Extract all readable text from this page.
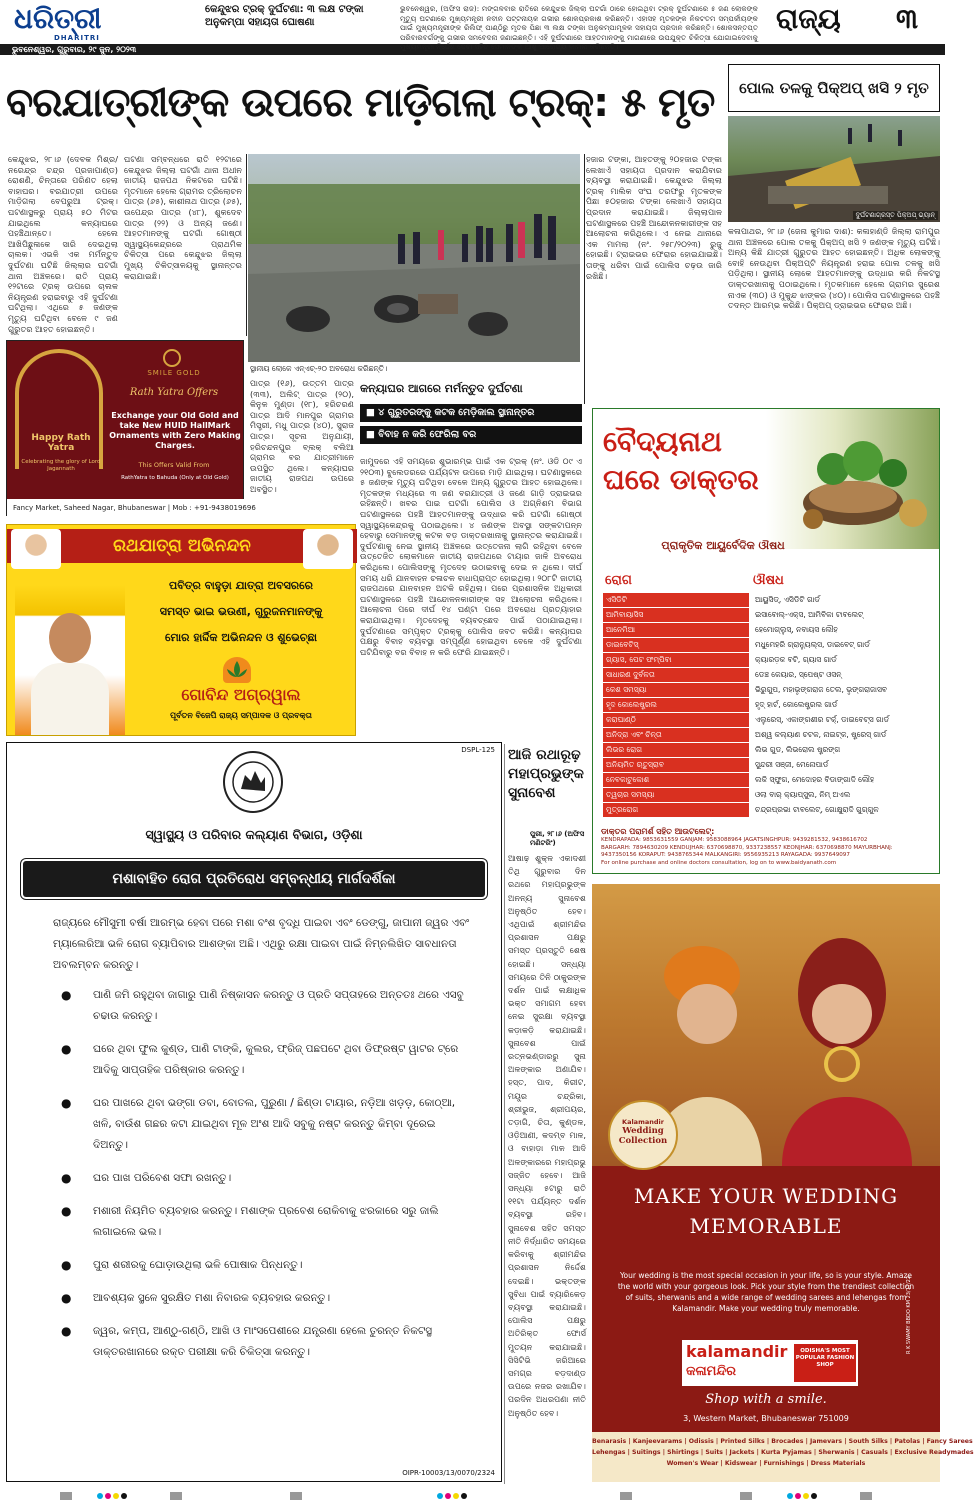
ଧରିତ୍ରୀ
DHARITRI
ଭୁବନେଶ୍ୱର, ଗୁରୁବାର, ୨୯ ଜୁନ, ୨୦୨୩
କେନ୍ଦୁଝର ଟ୍ରକ୍ ଦୁର୍ଘଟଣା: ୩ ଲକ୍ଷ ଟଙ୍କା ଅନୁକମ୍ପା ସହାୟତା ଘୋଷଣା
ଭୁବନେଶ୍ୱର, (ଅଫିସ ରାଜ): ମଙ୍ଗଳବାର ରାତିରେ କେନ୍ଦୁଝର ଜିଲ୍ଲା ଘଟଗାଁ ଠାରେ ହୋଇଥିବା ଟ୍ରକ୍ ଦୁର୍ଘଟଣାରେ ୫ ଜଣ ଲୋକଙ୍କ ମୃତ୍ୟୁ ଘଟଣାରେ ମୁଖ୍ୟମନ୍ତ୍ରୀ ନବୀନ ପଟ୍ଟନାୟକ ଗଭୀର ଶୋକପ୍ରକାଶ କରିଛନ୍ତି। ଏହାସହ ମୃତକଙ୍କ ନିକଟତମ ସମ୍ପର୍କୀୟଙ୍କ ପାଇଁ ମୁଖ୍ୟମନ୍ତ୍ରୀଙ୍କ ରିଲିଫ୍ ପାଣ୍ଠିରୁ ମୃତକ ପିଛା ୩ ଲକ୍ଷ ଟଙ୍କା ଅନୁକମ୍ପାମୂଳକ ସହାୟତା ପ୍ରଦାନ କରିଛନ୍ତି। ଶୋକସନ୍ତପ୍ତ ପରିବାରବର୍ଗଙ୍କୁ ଗଭୀର ସମବେଦନା ଜଣାଇଛନ୍ତି। ଏହି ଦୁର୍ଘଟଣାରେ ଆହତମାନଙ୍କୁ ମାଗଣାରେ ଉପଯୁକ୍ତ ଚିକିତ୍ସା ଯୋଗାଇଦେବାକୁ ମୁଖ୍ୟମନ୍ତ୍ରୀ ନିର୍ଦ୍ଦେଶ ଦେବା ସହିତ ସେମାନଙ୍କ ଆଶୁ ଆରୋଗ୍ୟ କାମନା କରିଛନ୍ତି।
ରାଜ୍ୟ ୩
ବରଯାତ୍ରୀଙ୍କ ଉପରେ ମାଡ଼ିଗଲା ଟ୍ରକ୍: ୫ ମୃତ	ପୋଲ ତଳକୁ ପିକ୍‌ଅପ୍ ଖସି ୨ ମୃତ
କେନ୍ଦୁଝର, ୨୮।୬ (ଦେବକ ମିଶ୍ର/ନରେନ୍ଦ୍ର ଚନ୍ଦ୍ର ପ୍ରଜାପାଣ୍ଡ) ରୋଶଣି, ଚିନ୍ତାରେ ପରିଣତ ହେଲା ବାହାଘର। ବରଯାତ୍ରୀ ଉପରେ ମାଡ଼ିଗଲା ବେପରୁଆ ଟ୍ରକ୍। ଘଟଣାସ୍ଥଳରୁ ପ୍ରାୟ ୫୦ ମିଟର ଯାଇଥିଲେ କନ୍ୟାଘରେ ପହଞ୍ଚିଥାନ୍ତେ। ହେଲେ ଆଖିପିଛୁଳାକେ ସାରି ଦେଇଥିଲା ଚାଲକ। ଏଭଳି ଏକ ମର୍ମନ୍ତୁଦ ଦୁର୍ଘଟଣା ଘଟିଛି ଜିଲ୍ଲାର ଘଟଗାଁ ଥାନା ଅଞ୍ଚଳରେ। ରାତି ପ୍ରାୟ ୧୨ଟାରେ ଟ୍ରକ୍ ଉପରେ ଚାଲକ ନିୟନ୍ତ୍ରଣ ହରାଇବାରୁ ଏହି ଦୁର୍ଘଟଣା ଘଟିଥିଲା। ଏଥିରେ ୫ ଜଣଙ୍କ ମୃତ୍ୟୁ ଘଟିଥିବା ବେଳେ ୯ ଜଣ ଗୁରୁତର ଆହତ ହୋଇଛନ୍ତି।
ଘଟଣା ସମ୍ବନ୍ଧରେ ରାତି ୧୨ଟାରେ କେନ୍ଦୁଝର ଜିଲ୍ଲା ଘଟଗାଁ ଥାନା ଅଧୀନ ଜାତୀୟ ରାଜପଥ ନିକଟରେ ଘଟିଛି। ମୃତମାନେ ହେଲେ ଗ୍ରାମର ତ୍ରିଲୋଚନ ପାତ୍ର (୬୫), କାଶୀନାଥ ପାତ୍ର (୬୫), ଉପେନ୍ଦ୍ର ପାତ୍ର (୪୮), ଶୁକଦେବ ପାତ୍ର (୨୨) ଓ ଅନ୍ୟ ଜଣେ। ଆହତମାନଙ୍କୁ ଘଟଗାଁ ଗୋଷ୍ଠୀ ସ୍ୱାସ୍ଥ୍ୟକେନ୍ଦ୍ରରେ ପ୍ରାଥମିକ ଚିକିତ୍ସା ପରେ କେନ୍ଦୁଝର ଜିଲ୍ଲା ମୁଖ୍ୟ ଚିକିତ୍ସାଳୟକୁ ସ୍ଥାନାନ୍ତର କରାଯାଇଛି।
ସ୍ଥାନୀୟ ଲୋକେ ଏନ୍‌ଏଚ୍-୨୦ ଅବରୋଧ କରିଛନ୍ତି।
ହଜାର ଟଙ୍କା, ଆହତଙ୍କୁ ୨୦ହଜାର ଟଙ୍କା ଲେଖାଏଁ ସହାୟତା ପ୍ରଦାନ କରାଯିବାର ବ୍ୟବସ୍ଥା କରାଯାଇଛି। କେନ୍ଦୁଝର ଜିଲ୍ଲା ଟ୍ରକ୍ ମାଲିକ ସଂଘ ତରଫରୁ ମୃତକଙ୍କ ପିଛା ୫୦ହଜାର ଟଙ୍କା ଲେଖାଏଁ ସହାୟତା ପ୍ରଦାନ କରାଯାଇଛି। ଜିଲ୍ଲାପାଳ ଘଟଣାସ୍ଥଳରେ ପହଞ୍ଚି ଆନ୍ଦୋଳନକାରୀଙ୍କ ସହ ଆଲୋଚନା କରିଥିଲେ। ଏ ନେଇ ଥାନାରେ ଏକ ମାମଲା (ନଂ. ୨୫୮/୨୦୨୩) ରୁଜୁ ହୋଇଛି। ଟ୍ରାଇଭର ଫେରାର ହୋଇଯାଇଛି। ତାଙ୍କୁ ଧରିବା ପାଇଁ ପୋଲିସ ଚଢ଼ଉ ଜାରି ରଖିଛି।
ଦୁର୍ଘଟଣାଗ୍ରସ୍ତ ପିକ୍‌ଅପ୍ ଭ୍ୟାନ୍
କଳାପାଥର, ୨୮।୬ (ଜେନା କୁମାର ଦାଶ): କଳାହାଣ୍ଡି ଜିଲ୍ଲା ରାମପୁର ଥାନା ଅଞ୍ଚଳରେ ପୋଲ ତଳକୁ ପିକ୍‌ଅପ୍ ଖସି ୨ ଜଣଙ୍କ ମୃତ୍ୟୁ ଘଟିଛି। ଅନ୍ୟ କିଛି ଯାତ୍ରୀ ଗୁରୁତର ଆହତ ହୋଇଛନ୍ତି। ଅଧିକ ଲୋକଙ୍କୁ ବୋହି ନେଉଥିବା ପିକ୍‌ଅପ୍‌ଟି ନିୟନ୍ତ୍ରଣ ହରାଇ ପୋଲ ତଳକୁ ଖସି ପଡ଼ିଥିଲା। ସ୍ଥାନୀୟ ଲୋକେ ଆହତମାନଙ୍କୁ ଉଦ୍ଧାର କରି ନିକଟସ୍ଥ ଡାକ୍ତରଖାନାକୁ ପଠାଇଥିଲେ। ମୃତକମାନେ ହେଲେ ଗ୍ରାମର ସୁରେଶ ନାଏକ (୩୦) ଓ ମୁକୁନ୍ଦ ଝାଙ୍କର (୪୦)। ପୋଲିସ ଘଟଣାସ୍ଥଳରେ ପହଞ୍ଚି ତଦନ୍ତ ଆରମ୍ଭ କରିଛି। ପିକ୍‌ଅପ୍ ଡ୍ରାଇଭର ଫେରାର ଅଛି।
କନ୍ୟାଘର ଆଗରେ ମର୍ମନ୍ତୁଦ ଦୁର୍ଘଟଣା
■ ୪ ଗୁରୁତରଙ୍କୁ କଟକ ମେଡ଼ିକାଲ ସ୍ଥାନାନ୍ତର
■ ବିବାହ ନ କରି ଫେରିଲା ବର
ପାତ୍ର (୧୬), ଉତ୍ତମ ପାତ୍ର (୩୩), ଅଲିଟ୍ ପାତ୍ର (୨୦), କିନୁଳ ମୁଣ୍ଡା (୧୮), ହରିଚରଣ ପାତ୍ର ଆଦି ମାନପୁର ଗ୍ରାମର ମିସ୍ତ୍ରୀ, ମଧୁ ପାତ୍ର (୪୦), ସୁରାଜ ପାତ୍ର। ସୂଚନା ଅନୁଯାୟୀ, ହରିଚନ୍ଦନପୁର ବ୍ଲକ୍ ବଲିଆ ଗ୍ରାମର ବର ଯାତ୍ରୀମାନେ ଉପସ୍ଥିତ ଥିଲେ। କନ୍ୟାଘର ଜାତୀୟ ରାଜପଥ ଉପରେ ଅବସ୍ଥିତ।
ଜାମୁଦରେ ଏହି ସମୟରେ ଶୁଭାରମ୍ଭ ପାଇଁ ଏକ ଟ୍ରକ୍ (ନଂ. ଓଡି ୦୯ ଏ ୨୧୦୩) ବୁଲେଡରରେ ପର୍ଯ୍ୟଟନ ଉପରେ ମାଡ଼ି ଯାଇଥିଲା। ଘଟଣାସ୍ଥଳରେ ୫ ଜଣଙ୍କ ମୃତ୍ୟୁ ଘଟିଥିବା ବେଳେ ଅନ୍ୟ ଗୁରୁତର ଆହତ ହୋଇଥିଲେ। ମୃତକଙ୍କ ମଧ୍ୟରେ ୩ ଜଣ ବରଯାତ୍ରୀ ଓ ଜଣେ ଗାଡ଼ି ଡ୍ରାଇଭର ରହିଛନ୍ତି। ଖବର ପାଇ ଘଟଗାଁ ପୋଲିସ ଓ ଅଗ୍ନିଶମ ବିଭାଗ ଘଟଣାସ୍ଥଳରେ ପହଞ୍ଚି ଆହତମାନଙ୍କୁ ଉଦ୍ଧାର କରି ଘଟଗାଁ ଗୋଷ୍ଠୀ ସ୍ୱାସ୍ଥ୍ୟକେନ୍ଦ୍ରକୁ ପଠାଇଥିଲେ। ୪ ଜଣଙ୍କ ଅବସ୍ଥା ସଙ୍କଟାପନ୍ନ ହେବାରୁ ସେମାନଙ୍କୁ କଟକ ବଡ଼ ଡାକ୍ତରଖାନାକୁ ସ୍ଥାନାନ୍ତର କରାଯାଇଛି। ଦୁର୍ଘଟଣାକୁ ନେଇ ସ୍ଥାନୀୟ ଅଞ୍ଚଳରେ ଉତ୍ତେଜନା ଲାଗି ରହିଥିବା ବେଳେ ଉତ୍ତେଜିତ ଲୋକମାନେ ଜାତୀୟ ରାଜପଥରେ ଟାୟାର ଜାଳି ଅବରୋଧ କରିଥିଲେ। ପୋଲିସଙ୍କୁ ମୃତଦେହ ଉଠାଇବାକୁ ଦେଇ ନ ଥିଲେ। ଦୀର୍ଘ ସମୟ ଧରି ଯାନବାହନ ଚଳାଚଳ ବାଧାପ୍ରାପ୍ତ ହୋଇଥିଲା। ୨୦୮ଟି ଜାତୀୟ ରାଜପଥରେ ଯାନବାହନ ଅଟକି ରହିଥିଲା। ପରେ ପ୍ରଶାସନିକ ଅଧିକାରୀ ଘଟଣାସ୍ଥଳରେ ପହଞ୍ଚି ଆନ୍ଦୋଳନକାରୀଙ୍କ ସହ ଆଲୋଚନା କରିଥିଲେ। ଆଲୋଚନା ପରେ ଦୀର୍ଘ ୧୪ ଘଣ୍ଟା ପରେ ଅବରୋଧ ପ୍ରତ୍ୟାହାର କରାଯାଇଥିଲା। ମୃତଦେହକୁ ବ୍ୟବଚ୍ଛେଦ ପାଇଁ ପଠାଯାଇଥିଲା। ଦୁର୍ଘଟଣାରେ ସମ୍ପୃକ୍ତ ଟ୍ରକ୍‌କୁ ପୋଲିସ ଜବତ କରିଛି। କନ୍ୟାଘର ପକ୍ଷରୁ ବିବାହ ବ୍ୟବସ୍ଥା ସମ୍ପୂର୍ଣ୍ଣ ହୋଇଥିବା ବେଳେ ଏହି ଦୁର୍ଘଟଣା ଘଟିଯିବାରୁ ବର ବିବାହ ନ କରି ଫେରି ଯାଇଛନ୍ତି।
Happy Rath Yatra
Celebrating the glory of Lord Jagannath
SMILE GOLD
Rath Yatra Offers
Exchange your Old Gold and take New HUID HallMark Ornaments with Zero Making Charges.
This Offers Valid From
RathYatra to Bahuda (Only at Old Gold)
Fancy Market, Saheed Nagar, Bhubaneswar | Mob : +91-9438019696
ରଥଯାତ୍ରା ଅଭିନନ୍ଦନ
ପବିତ୍ର ବାହୁଡ଼ା ଯାତ୍ରା ଅବସରରେ
ସମସ୍ତ ଭାଇ ଭଉଣୀ, ଗୁରୁଜନମାନଙ୍କୁ
ମୋର ହାର୍ଦ୍ଦିକ ଅଭିନନ୍ଦନ ଓ ଶୁଭେଚ୍ଛା
ଗୋବିନ୍ଦ ଅଗ୍ରୱାଲ
ପୂର୍ବତନ ବିଜେପି ରାଜ୍ୟ ସମ୍ପାଦକ ଓ ପ୍ରବକ୍ତା
DSPL-125
ସ୍ୱାସ୍ଥ୍ୟ ଓ ପରିବାର କଲ୍ୟାଣ ବିଭାଗ, ଓଡ଼ିଶା
ମଶାବାହିତ ରୋଗ ପ୍ରତିରୋଧ ସମ୍ବନ୍ଧୀୟ ମାର୍ଗଦର୍ଶିକା
ରାଜ୍ୟରେ ମୌସୁମୀ ବର୍ଷା ଆରମ୍ଭ ହେବା ପରେ ମଶା ବଂଶ ବୃଦ୍ଧି ପାଇବା ଏବଂ ଡେଙ୍ଗୁ, ଜାପାନୀ ଜ୍ୱର ଏବଂ ମ୍ୟାଲେରିଆ ଭଳି ରୋଗ ବ୍ୟାପିବାର ଆଶଙ୍କା ଅଛି। ଏଥିରୁ ରକ୍ଷା ପାଇବା ପାଇଁ ନିମ୍ନଲିଖିତ ସାବଧାନତା ଅବଲମ୍ବନ କରନ୍ତୁ।
● ପାଣି ଜମି ରହୁଥିବା ଜାଗାରୁ ପାଣି ନିଷ୍କାସନ କରନ୍ତୁ ଓ ପ୍ରତି ସପ୍ତାହରେ ଅନ୍ତତଃ ଥରେ ଏସବୁ ଚଢାଉ କରନ୍ତୁ।
● ଘରେ ଥିବା ଫୁଲ କୁଣ୍ଡ, ପାଣି ଟାଙ୍କି, କୁଲର, ଫ୍ରିଜ୍ ପଛପଟେ ଥିବା ଡିଫ୍ରଷ୍ଟ ୱାଟର ଟ୍ରେ ଆଦିକୁ ସାପ୍ତାହିକ ପରିଷ୍କାର କରନ୍ତୁ।
● ଘର ପାଖରେ ଥିବା ଭଙ୍ଗା ଡବା, ବୋତଲ, ପୁରୁଣା / ଛିଣ୍ଡା ଟାୟାର, ନଡ଼ିଆ ଖଡ଼ଡ଼, କୋଠ୍ଆ, ଖଳି, ବାଉଁଶ ଗଛର କଟା ଯାଇଥିବା ମୂଳ ଅଂଶ ଆଦି ସବୁକୁ ନଷ୍ଟ କରନ୍ତୁ କିମ୍ବା ଦୂରେଇ ଦିଅନ୍ତୁ।
● ଘର ପାଖ ପରିବେଶ ସଫା ରଖନ୍ତୁ।
● ମଶାରୀ ନିୟମିତ ବ୍ୟବହାର କରନ୍ତୁ। ମଶାଙ୍କ ପ୍ରବେଶ ରୋକିବାକୁ ଝରକାରେ ସରୁ ଜାଲି ଲଗାଇଲେ ଭଲ।
● ପୁରା ଶରୀରକୁ ଘୋଡ଼ାଉଥିଲା ଭଳି ପୋଷାକ ପିନ୍ଧନ୍ତୁ।
● ଆବଶ୍ୟକ ସ୍ଥଳେ ସୁରକ୍ଷିତ ମଶା ନିବାରକ ବ୍ୟବହାର କରନ୍ତୁ।
● ଜ୍ୱର, କମ୍ପ, ଆଣ୍ଠୁ-ଗଣ୍ଠି, ଆଖି ଓ ମାଂସପେଶୀରେ ଯନ୍ତ୍ରଣା ହେଲେ ତୁରନ୍ତ ନିକଟସ୍ଥ ଡାକ୍ତରଖାନାରେ ରକ୍ତ ପରୀକ୍ଷା କରି ଚିକିତ୍ସା କରନ୍ତୁ।
OIPR-10003/13/0070/2324
ଆଜି ରଥାରୂଢ଼ ମହାପ୍ରଭୁଙ୍କ ସୁନାବେଶ
ପୁରୀ, ୨୮।୬ (ଅଫିସ ମଣିଟରିଂ)
ଆଷାଢ଼ ଶୁକ୍ଳ ଏକାଦଶୀ ତିଥି ଗୁରୁବାର ଦିନ ରଥରେ ମହାପ୍ରଭୁଙ୍କ ଅନନ୍ୟ ସୁନାବେଶ ଅନୁଷ୍ଠିତ ହେବ। ଏଥିପାଇଁ ଶ୍ରୀମନ୍ଦିର ପ୍ରଶାସନ ପକ୍ଷରୁ ସମସ୍ତ ପ୍ରସ୍ତୁତି ଶେଷ ହୋଇଛି। ସନ୍ଧ୍ୟା ସମୟରେ ତିନି ଠାକୁରଙ୍କ ଦର୍ଶନ ପାଇଁ ଲକ୍ଷାଧିକ ଭକ୍ତ ସମାଗମ ହେବା ନେଇ ସୁରକ୍ଷା ବ୍ୟବସ୍ଥା କଡ଼ାକଡ଼ି କରାଯାଇଛି। ସୁନାବେଶ ପାଇଁ ରତ୍ନଭଣ୍ଡାରରୁ ସୁନା ଅଳଙ୍କାର ଅଣାଯିବ। ହସ୍ତ, ପାଦ, କିରୀଟ, ମୟୂର ଚନ୍ଦ୍ରିକା, ଶ୍ରୀଭୁଜ, ଶ୍ରୀପୟର, ତଡ଼ାଗି, ଚିତା, କୁଣ୍ଡଳ, ଓଡ଼ିଆଣୀ, କଦମ୍ବ ମାଳ, ଓ ବାହାଡ଼ା ମାଳ ଆଦି ଅଳଙ୍କାରରେ ମହାପ୍ରଭୁ ସଜ୍ଜିତ ହେବେ। ଆଜି ସନ୍ଧ୍ୟା ୫ଟାରୁ ରାତି ୧୧ଟା ପର୍ଯ୍ୟନ୍ତ ଦର୍ଶନ ବ୍ୟବସ୍ଥା ରହିବ। ସୁନାବେଶ ସହିତ ସମସ୍ତ ନୀତି ନିର୍ଦ୍ଧାରିତ ସମୟରେ କରିବାକୁ ଶ୍ରୀମନ୍ଦିର ପ୍ରଶାସନ ନିର୍ଦ୍ଦେଶ ଦେଇଛି। ଭକ୍ତଙ୍କ ସୁବିଧା ପାଇଁ ବ୍ୟାରିକେଡ଼ ବ୍ୟବସ୍ଥା କରାଯାଇଛି। ପୋଲିସ ପକ୍ଷରୁ ଅତିରିକ୍ତ ଫୋର୍ସ ମୁତୟନ କରାଯାଇଛି। ସିସିଟିଭି ଜରିଆରେ ସମଗ୍ର ବଡ଼ଦାଣ୍ଡ ଉପରେ ନଜର ରଖାଯିବ। ପରଦିନ ଅଧରପଣା ନୀତି ଅନୁଷ୍ଠିତ ହେବ।
ବୈଦ୍ୟନାଥ ଘରେ ଡାକ୍ତର
ପ୍ରାକୃତିକ ଆୟୁର୍ବେଦିକ ଔଷଧ
ରୋଗ	ଔଷଧ
ଏସିଡିଟି	ଆୟୁସିଡ୍, ଏସିଡିଟି ଗାର୍ଡ
ଆମିବାୟାସିସ	ଇସାବୋଲ୍-ଏକ୍ସ, ଆମିବିକା ଟାବଲେଟ୍
ଆନେମିଆ	ହେମୋଗ୍ଲୁସ୍, ନବାୟସ ଲୌହ
ଡାଇବେଟିସ୍	ମଧୁମେହରି ଗ୍ରାନ୍ୟୁଲ୍ସ, ଡାଇବେଟ୍ ଗାର୍ଡ
ଗ୍ୟାସ, ପେଟ ଫମ୍ପିବା	କ୍ୟାରଡ଼କ ବଟି, ଗ୍ୟାସ ଗାର୍ଡ
ସାଧାରଣ ଦୁର୍ବଳତା	ଡେଞ୍ଚ କେୟାର, ସ୍ପେଷ୍ଟ ଓସନ୍
କେଶ ସମସ୍ୟା	ଭିରୁଗୁପ, ମହାଭୃଙ୍ଗରାଜ ତେଲ, ଭୃଙ୍ଗରାଜାସବ
ହୃଦ କୋଲେଷ୍ଟ୍ରଲ	ହୃଦ୍ ହାର୍ଟ, କୋଲେଷ୍ଟ୍ରଲ ଗାର୍ଡ
କରାଘାଣ୍ଠି	ଏଲୁରେସ୍, ଏକାଙ୍ଗଶୀର ଟର୍କ୍, ଡାଇବେଟ୍ସ ଗାର୍ଡ
ଅନିଦ୍ରା ଏବଂ ଚିନ୍ତା	ଅଶ୍ୱ କଲ୍ୟାଣ ଚଟକ, ନାଇଟ୍କ, ଷ୍ଟ୍ରେସ୍ ଗାର୍ଡ
ଲିଭର ରୋଗ	ଲିଭ ଗୁଡ, ଲିଭରୋଲ ଷ୍ଟ୍ରଙ୍ଗ
ଅନିୟମିତ ଋତୁସ୍ରାବ	ସୁନ୍ଦରୀ ସଞ୍ଜୀ, ମେନୋପାର୍ଡ
ନେବକାଟୁକୋଶ	ଲକି ସ୍ଫୁଗ, ମେଦୋହର ବିଡାଙ୍ଗାଦି ଲୌହ
ତ୍ୱଚାର ସମସ୍ୟା	ଓଲା ବାର୍ କ୍ୟାପ୍ସୁଲ, ନିମ୍ ଅଏଲ
ମୁତ୍ରରୋଗ	ଚନ୍ଦ୍ରପ୍ରଭା ଟାବଲେଟ୍, ଗୋକ୍ଷୁରାଦି ଗୁଗ୍ଗୁଳ
ଡାକ୍ତର ପରାମର୍ଶ ସହିତ ଆଉଟଲେଟ୍:
KENDRAPADA: 9853631559 GANJAM: 9583088964 JAGATSINGHPUR: 9439281532, 9438616702
BARGARH: 7894630209 KENDUJHAR: 6370698870, 9337238557 KEONJHAR: 6370698870 MAYURBHANJ:
9437350156 KORAPUT: 9438765344 MALKANGIRI: 9556935213 RAYAGADA: 9937649097
For online purchase and online doctors consultation, log on to www.baidyanath.com
Kalamandir
Wedding Collection
MAKE YOUR WEDDING
MEMORABLE
Your wedding is the most special occasion in your life, so is your style. Amaze the world with your gorgeous look. Pick your style from the trendiest collection of suits, sherwanis and a wide range of wedding sarees and lehengas from Kalamandir. Make your wedding truly memorable.
kalamandir
କଳାମନ୍ଦିର
ODISHA'S MOST POPULAR FASHION SHOP
Shop with a smile.
3, Western Market, Bhubaneswar 751009
Benarasis | Kanjeevarams | Odissis | Printed Silks | Brocades | Jamevars | South Silks | Patolas | Fancy Sarees
Lehengas | Suitings | Shirtings | Suits | Jackets | Kurta Pyjamas | Sherwanis | Casuals | Exclusive Readymades
Women's Wear | Kidswear | Furnishings | Dress Materials
R K SWAMY BBDO KM 23/17/22
